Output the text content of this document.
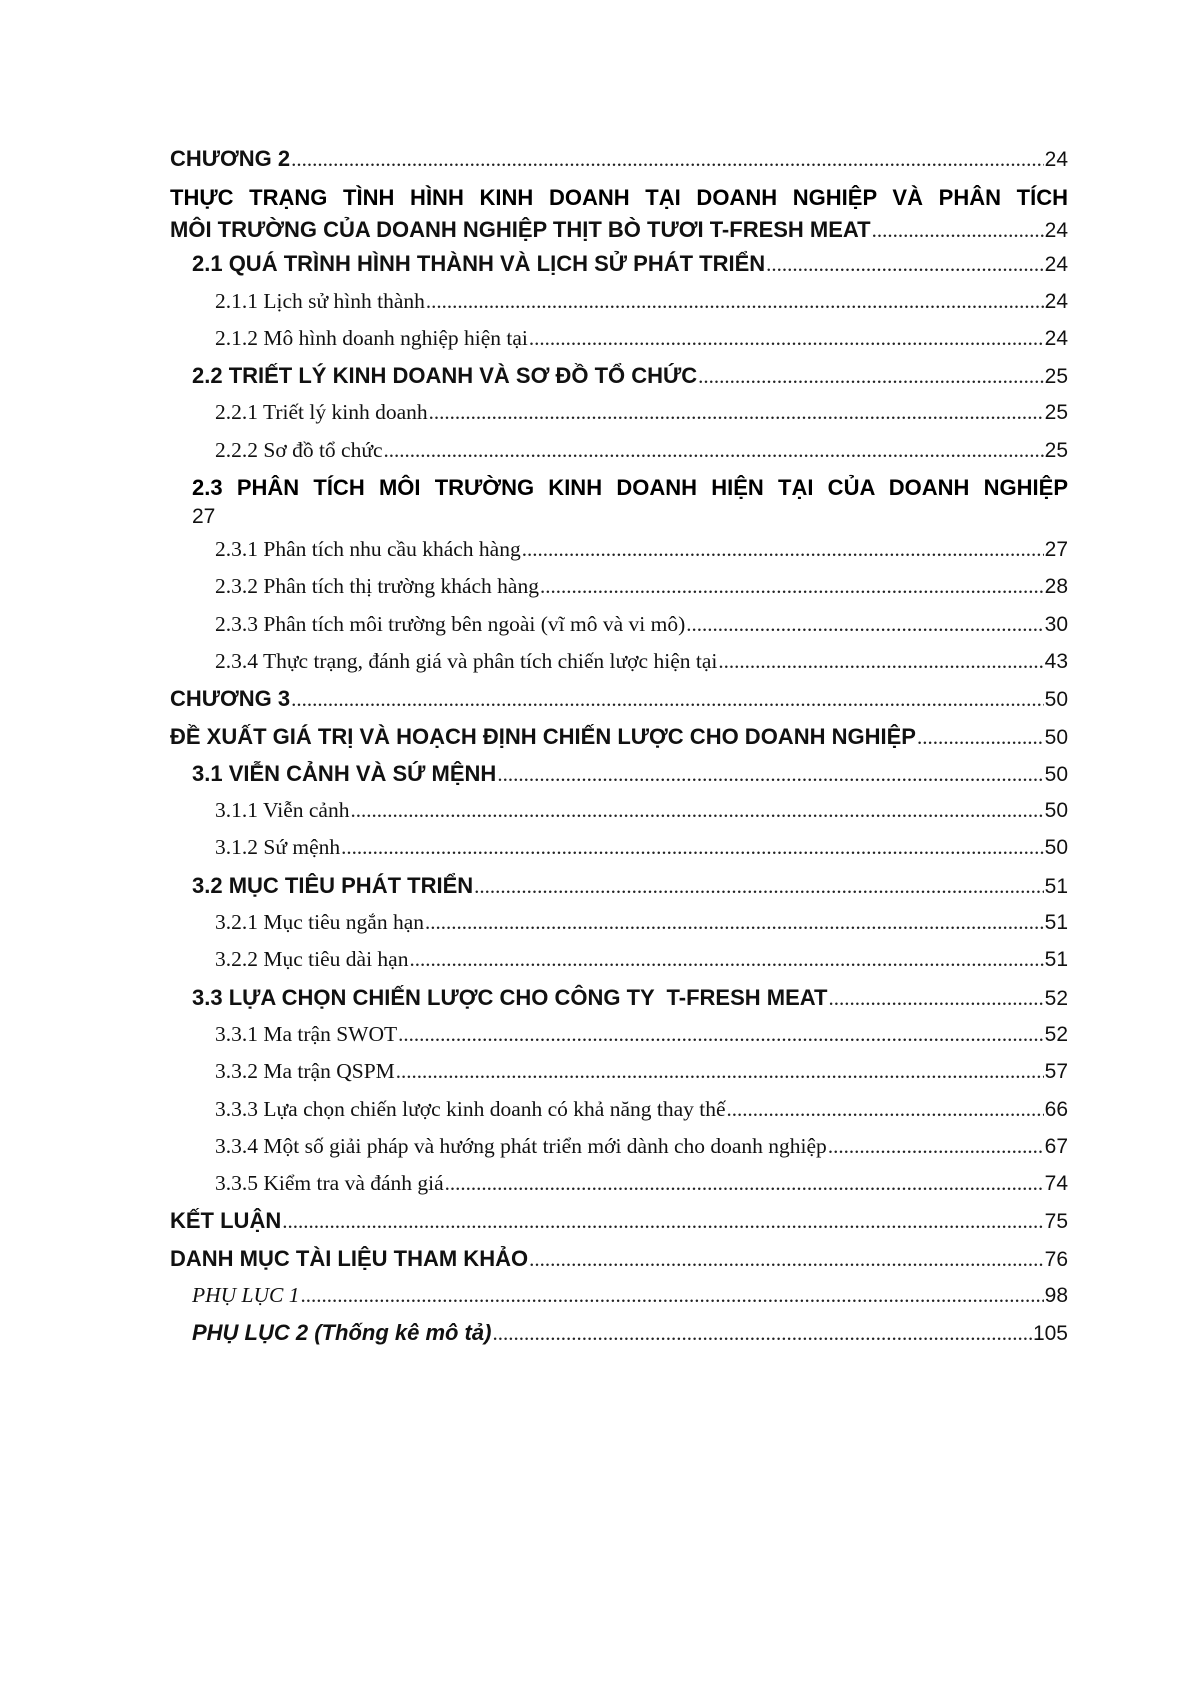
CHƯƠNG 2 .....	24
THỰC TRẠNG TÌNH HÌNH KINH DOANH TẠI DOANH NGHIỆP VÀ PHÂN TÍCH
MÔI TRƯỜNG CỦA DOANH NGHIỆP THỊT BÒ TƯƠI T-FRESH MEAT .....	24
2.1 QUÁ TRÌNH HÌNH THÀNH VÀ LỊCH SỬ PHÁT TRIỂN .....	24
2.1.1 Lịch sử hình thành .....	24
2.1.2 Mô hình doanh nghiệp hiện tại .....	24
2.2 TRIẾT LÝ KINH DOANH VÀ SƠ ĐỒ TỔ CHỨC .....	25
2.2.1 Triết lý kinh doanh .....	25
2.2.2 Sơ đồ tổ chức .....	25
2.3 PHÂN TÍCH MÔI TRƯỜNG KINH DOANH HIỆN TẠI CỦA DOANH NGHIỆP
27
2.3.1 Phân tích nhu cầu khách hàng .....	27
2.3.2 Phân tích thị trường khách hàng .....	28
2.3.3 Phân tích môi trường bên ngoài (vĩ mô và vi mô) .....	30
2.3.4 Thực trạng, đánh giá và phân tích chiến lược hiện tại .....	43
CHƯƠNG 3 .....	50
ĐỀ XUẤT GIÁ TRỊ VÀ HOẠCH ĐỊNH CHIẾN LƯỢC CHO DOANH NGHIỆP .....	50
3.1 VIỄN CẢNH VÀ SỨ MỆNH .....	50
3.1.1 Viễn cảnh .....	50
3.1.2 Sứ mệnh .....	50
3.2 MỤC TIÊU PHÁT TRIỂN .....	51
3.2.1 Mục tiêu ngắn hạn .....	51
3.2.2 Mục tiêu dài hạn .....	51
3.3 LỰA CHỌN CHIẾN LƯỢC CHO CÔNG TY  T-FRESH MEAT .....	52
3.3.1 Ma trận SWOT .....	52
3.3.2 Ma trận QSPM .....	57
3.3.3 Lựa chọn chiến lược kinh doanh có khả năng thay thế .....	66
3.3.4 Một số giải pháp và hướng phát triển mới dành cho doanh nghiệp .....	67
3.3.5 Kiểm tra và đánh giá .....	74
KẾT LUẬN .....	75
DANH MỤC TÀI LIỆU THAM KHẢO .....	76
PHỤ LỤC 1 .....	98
PHỤ LỤC 2 (Thống kê mô tả) .....	105
